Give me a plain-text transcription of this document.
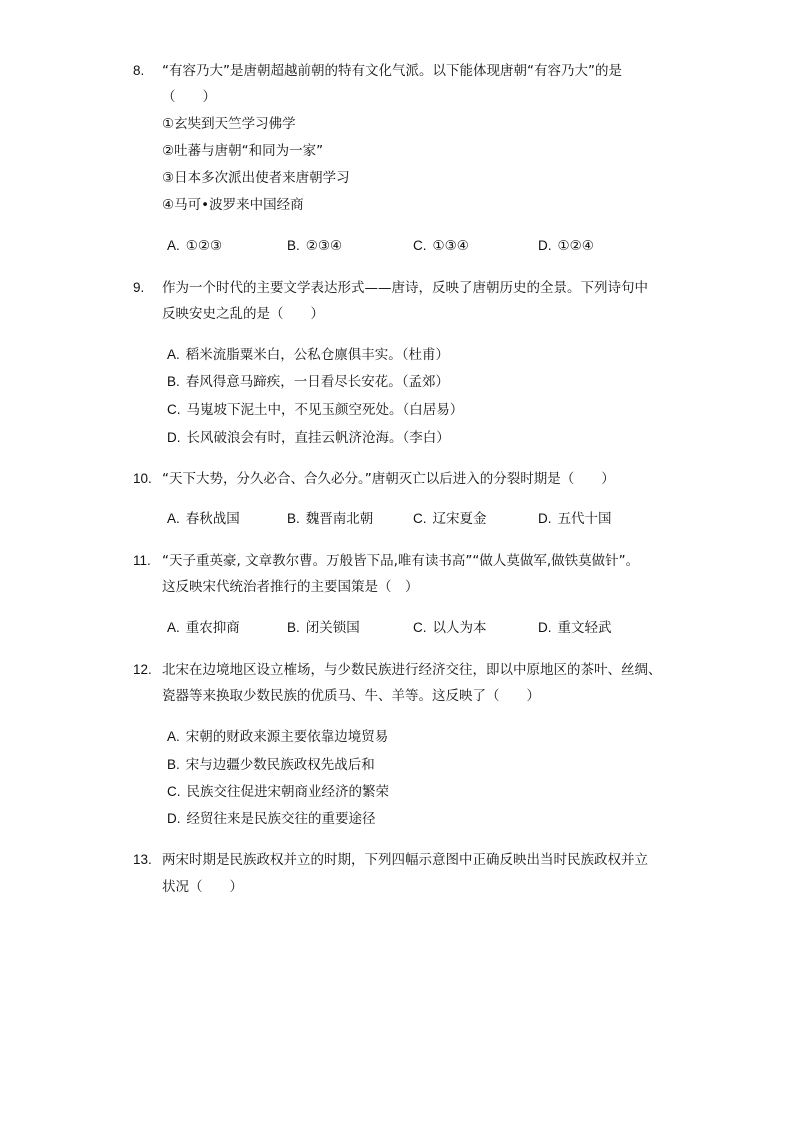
8. “有容乃大”是唐朝超越前朝的特有文化气派。以下能体现唐朝“有容乃大”的是
（　　）
①玄奘到天竺学习佛学
②吐蕃与唐朝“和同为一家”
③日本多次派出使者来唐朝学习
④马可•波罗来中国经商
A. ①②③	B. ②③④	C. ①③④	D. ①②④
9. 作为一个时代的主要文学表达形式——唐诗，反映了唐朝历史的全景。下列诗句中
反映安史之乱的是（　　）
A. 稻米流脂粟米白，公私仓廪俱丰实。（杜甫）
B. 春风得意马蹄疾，一日看尽长安花。（孟郊）
C. 马嵬坡下泥土中，不见玉颜空死处。（白居易）
D. 长风破浪会有时，直挂云帆济沧海。（李白）
10. “天下大势，分久必合、合久必分。”唐朝灭亡以后进入的分裂时期是（　　）
A. 春秋战国	B. 魏晋南北朝	C. 辽宋夏金	D. 五代十国
11. “天子重英豪, 文章教尔曹。万般皆下品,唯有读书高”“做人莫做军,做铁莫做针”。
这反映宋代统治者推行的主要国策是（　）
A. 重农抑商	B. 闭关锁国	C. 以人为本	D. 重文轻武
12. 北宋在边境地区设立榷场，与少数民族进行经济交往，即以中原地区的茶叶、丝绸、
瓷器等来换取少数民族的优质马、牛、羊等。这反映了（　　）
A. 宋朝的财政来源主要依靠边境贸易
B. 宋与边疆少数民族政权先战后和
C. 民族交往促进宋朝商业经济的繁荣
D. 经贸往来是民族交往的重要途径
13. 两宋时期是民族政权并立的时期，下列四幅示意图中正确反映出当时民族政权并立
状况（　　）
